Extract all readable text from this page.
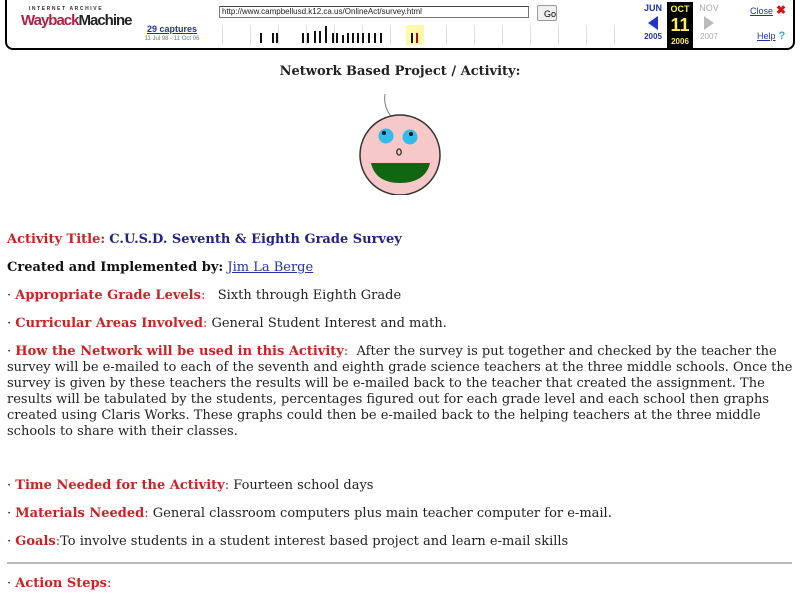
INTERNET ARCHIVE
WaybackMachine	29 captures
11 Jul 98 - 11 Oct 06
http://www.campbellusd.k12.ca.us/OnlineAct/survey.html
Go
JUN
2005
OCT
11
2006
NOV
2007
Close ✖
Help ?
Network Based Project / Activity:

Activity Title: C.U.S.D. Seventh & Eighth Grade Survey

Created and Implemented by: Jim La Berge

· Appropriate Grade Levels: Sixth through Eighth Grade

· Curricular Areas Involved: General Student Interest and math.

· How the Network will be used in this Activity: After the survey is put together and checked by the teacher the survey will be e-mailed to each of the seventh and eighth grade science teachers at the three middle schools. Once the survey is given by these teachers the results will be e-mailed back to the teacher that created the assignment. The results will be tabulated by the students, percentages figured out for each grade level and each school then graphs created using Claris Works. These graphs could then be e-mailed back to the helping teachers at the three middle schools to share with their classes.

· Time Needed for the Activity: Fourteen school days

· Materials Needed: General classroom computers plus main teacher computer for e-mail.

· Goals:To involve students in a student interest based project and learn e-mail skills

· Action Steps:
